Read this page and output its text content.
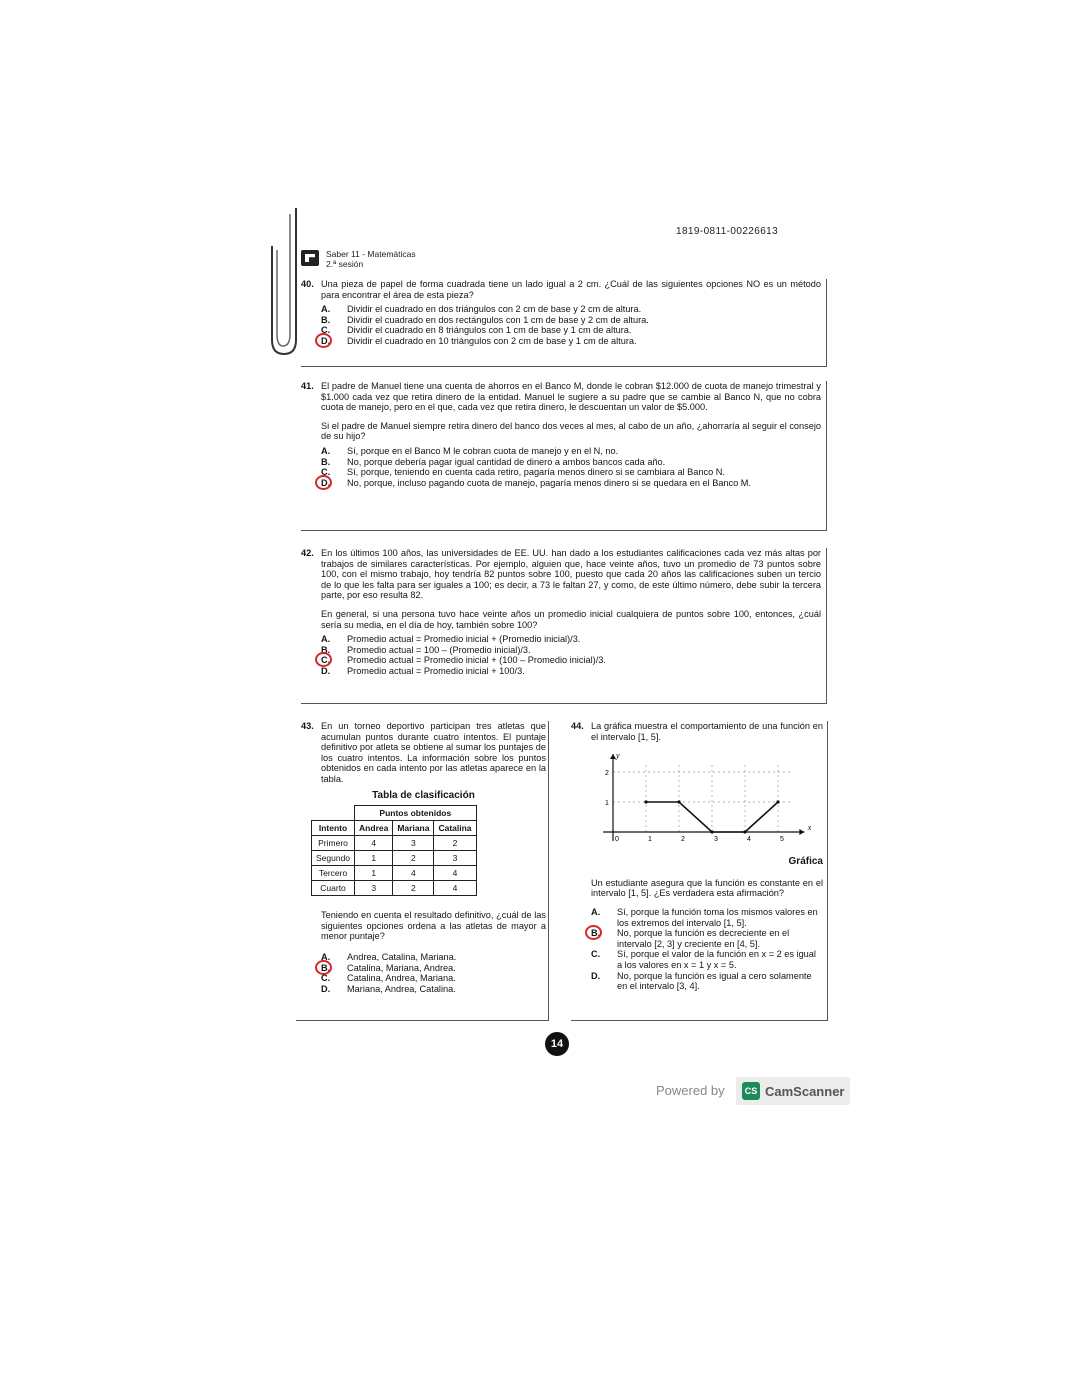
1819-0811-00226613
Saber 11 - Matemáticas
2.ª sesión
40. Una pieza de papel de forma cuadrada tiene un lado igual a 2 cm. ¿Cuál de las siguientes opciones NO es un método para encontrar el área de esta pieza?

A. Dividir el cuadrado en dos triángulos con 2 cm de base y 2 cm de altura.
B. Dividir el cuadrado en dos rectángulos con 1 cm de base y 2 cm de altura.
C. Dividir el cuadrado en 8 triángulos con 1 cm de base y 1 cm de altura.
D. Dividir el cuadrado en 10 triángulos con 2 cm de base y 1 cm de altura.
41. El padre de Manuel tiene una cuenta de ahorros en el Banco M, donde le cobran $12.000 de cuota de manejo trimestral y $1.000 cada vez que retira dinero de la entidad. Manuel le sugiere a su padre que se cambie al Banco N, que no cobra cuota de manejo, pero en el que, cada vez que retira dinero, le descuentan un valor de $5.000.

Si el padre de Manuel siempre retira dinero del banco dos veces al mes, al cabo de un año, ¿ahorraría al seguir el consejo de su hijo?

A. Sí, porque en el Banco M le cobran cuota de manejo y en el N, no.
B. No, porque debería pagar igual cantidad de dinero a ambos bancos cada año.
C. Sí, porque, teniendo en cuenta cada retiro, pagaría menos dinero si se cambiara al Banco N.
D. No, porque, incluso pagando cuota de manejo, pagaría menos dinero si se quedara en el Banco M.
42. En los últimos 100 años, las universidades de EE. UU. han dado a los estudiantes calificaciones cada vez más altas por trabajos de similares características. Por ejemplo, alguien que, hace veinte años, tuvo un promedio de 73 puntos sobre 100, con el mismo trabajo, hoy tendría 82 puntos sobre 100, puesto que cada 20 años las calificaciones suben un tercio de lo que les falta para ser iguales a 100; es decir, a 73 le faltan 27, y como, de este último número, debe subir la tercera parte, por eso resulta 82.

En general, si una persona tuvo hace veinte años un promedio inicial cualquiera de puntos sobre 100, entonces, ¿cuál sería su media, en el día de hoy, también sobre 100?

A. Promedio actual = Promedio inicial + (Promedio inicial)/3.
B. Promedio actual = 100 – (Promedio inicial)/3.
C. Promedio actual = Promedio inicial + (100 – Promedio inicial)/3.
D. Promedio actual = Promedio inicial + 100/3.
43. En un torneo deportivo participan tres atletas que acumulan puntos durante cuatro intentos. El puntaje definitivo por atleta se obtiene al sumar los puntajes de los cuatro intentos. La información sobre los puntos obtenidos en cada intento por las atletas aparece en la tabla.

Tabla de clasificación
	Puntos obtenidos		
Intento	Andrea	Mariana	Catalina
Primero	4	3	2
Segundo	1	2	3
Tercero	1	4	4
Cuarto	3	2	4

Teniendo en cuenta el resultado definitivo, ¿cuál de las siguientes opciones ordena a las atletas de mayor a menor puntaje?

A. Andrea, Catalina, Mariana.
B. Catalina, Mariana, Andrea.
C. Catalina, Andrea, Mariana.
D. Mariana, Andrea, Catalina.
44. La gráfica muestra el comportamiento de una función en el intervalo [1, 5].

x
y
0	1	2	3	4	5
1
2
Gráfica

Un estudiante asegura que la función es constante en el intervalo [1, 5]. ¿Es verdadera esta afirmación?

A. Sí, porque la función toma los mismos valores en los extremos del intervalo [1, 5].
B. No, porque la función es decreciente en el intervalo [2, 3] y creciente en [4, 5].
C. Sí, porque el valor de la función en x = 2 es igual a los valores en x = 1 y x = 5.
D. No, porque la función es igual a cero solamente en el intervalo [3, 4].
14
Powered by	CS CamScanner
